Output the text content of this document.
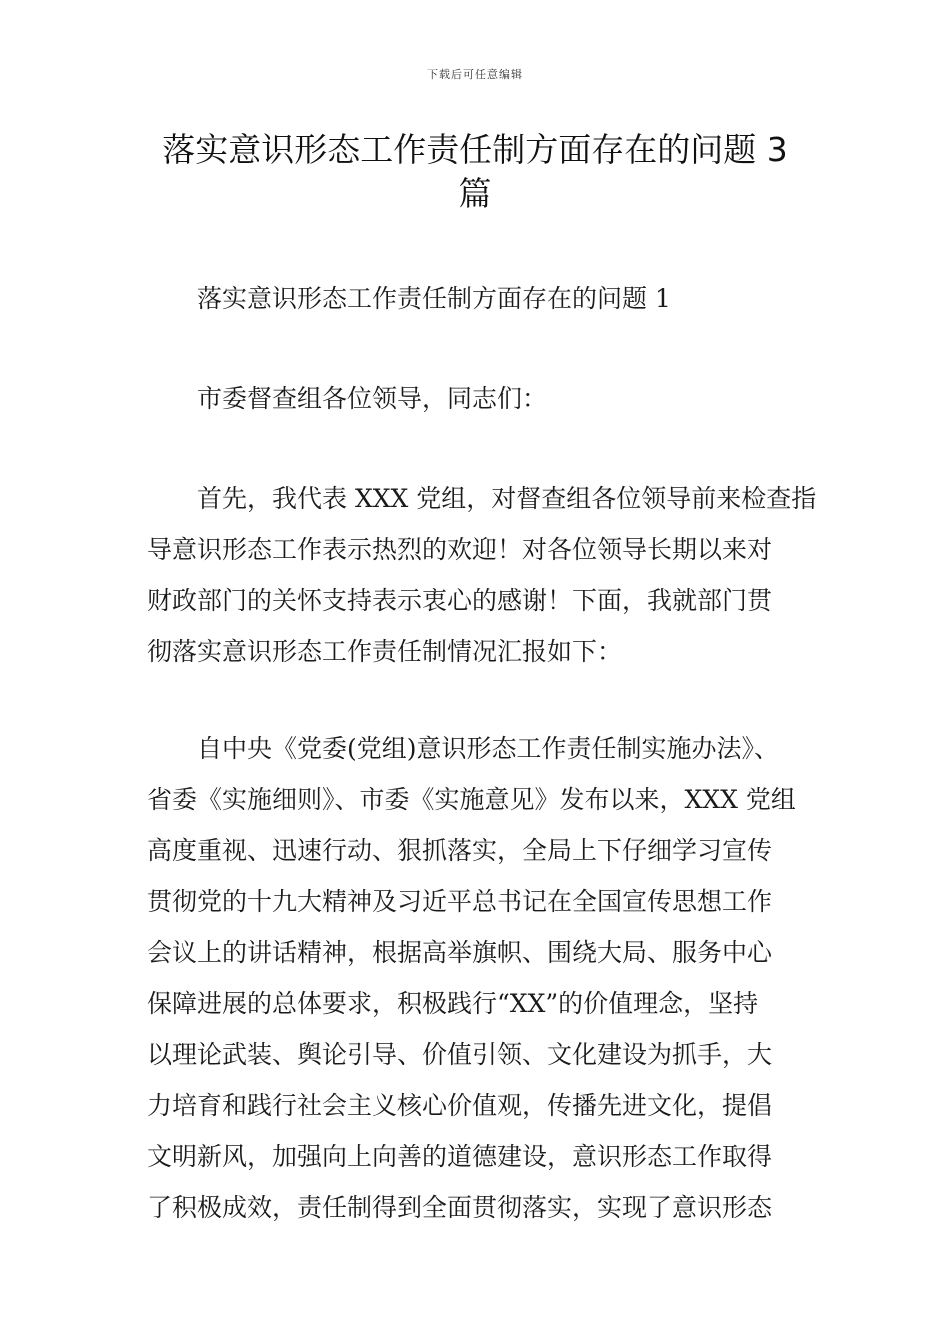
下载后可任意编辑
落实意识形态工作责任制方面存在的问题 3
篇

落实意识形态工作责任制方面存在的问题 1

市委督查组各位领导，同志们：

首先，我代表 XXX 党组，对督查组各位领导前来检查指
导意识形态工作表示热烈的欢迎！对各位领导长期以来对
财政部门的关怀支持表示衷心的感谢！下面，我就部门贯
彻落实意识形态工作责任制情况汇报如下：

自中央《党委(党组)意识形态工作责任制实施办法》、
省委《实施细则》、市委《实施意见》发布以来，XXX 党组
高度重视、迅速行动、狠抓落实，全局上下仔细学习宣传
贯彻党的十九大精神及习近平总书记在全国宣传思想工作
会议上的讲话精神，根据高举旗帜、围绕大局、服务中心
保障进展的总体要求，积极践行“XX”的价值理念，坚持
以理论武装、舆论引导、价值引领、文化建设为抓手，大
力培育和践行社会主义核心价值观，传播先进文化，提倡
文明新风，加强向上向善的道德建设，意识形态工作取得
了积极成效，责任制得到全面贯彻落实，实现了意识形态
